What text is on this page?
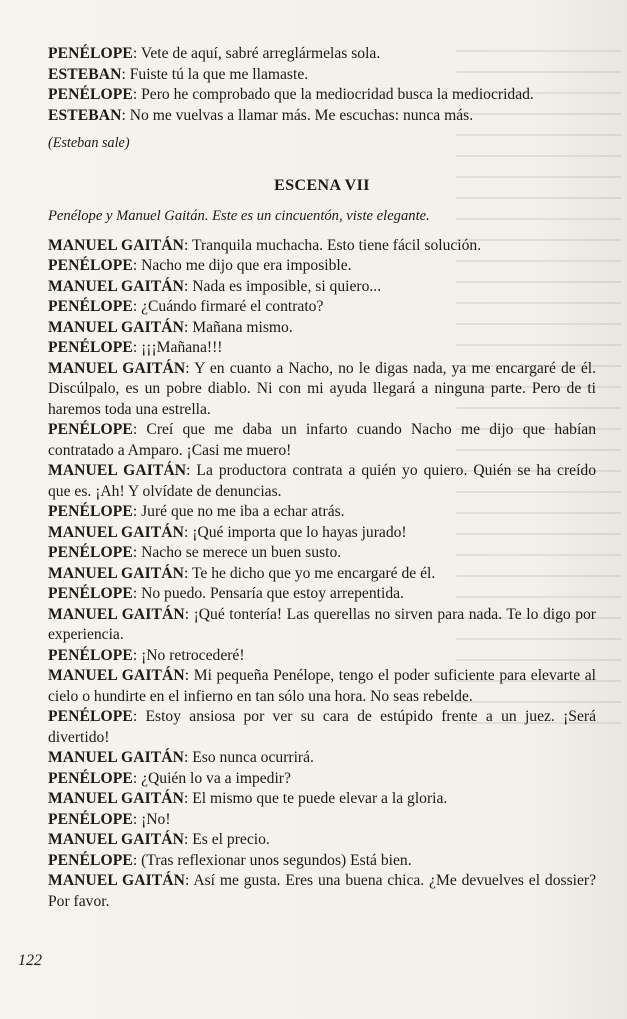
PENÉLOPE: Vete de aquí, sabré arreglármelas sola.

ESTEBAN: Fuiste tú la que me llamaste.

PENÉLOPE: Pero he comprobado que la mediocridad busca la mediocridad.

ESTEBAN: No me vuelvas a llamar más. Me escuchas: nunca más.

(Esteban sale)

ESCENA VII

Penélope y Manuel Gaitán. Este es un cincuentón, viste elegante.

MANUEL GAITÁN: Tranquila muchacha. Esto tiene fácil solución.

PENÉLOPE: Nacho me dijo que era imposible.

MANUEL GAITÁN: Nada es imposible, si quiero...

PENÉLOPE: ¿Cuándo firmaré el contrato?

MANUEL GAITÁN: Mañana mismo.

PENÉLOPE: ¡¡¡Mañana!!!

MANUEL GAITÁN: Y en cuanto a Nacho, no le digas nada, ya me encargaré de él. Discúlpalo, es un pobre diablo. Ni con mi ayuda llegará a ninguna parte. Pero de ti haremos toda una estrella.

PENÉLOPE: Creí que me daba un infarto cuando Nacho me dijo que habían contratado a Amparo. ¡Casi me muero!

MANUEL GAITÁN: La productora contrata a quién yo quiero. Quién se ha creído que es. ¡Ah! Y olvídate de denuncias.

PENÉLOPE: Juré que no me iba a echar atrás.

MANUEL GAITÁN: ¡Qué importa que lo hayas jurado!

PENÉLOPE: Nacho se merece un buen susto.

MANUEL GAITÁN: Te he dicho que yo me encargaré de él.

PENÉLOPE: No puedo. Pensaría que estoy arrepentida.

MANUEL GAITÁN: ¡Qué tontería! Las querellas no sirven para nada. Te lo digo por experiencia.

PENÉLOPE: ¡No retrocederé!

MANUEL GAITÁN: Mi pequeña Penélope, tengo el poder suficiente para elevarte al cielo o hundirte en el infierno en tan sólo una hora. No seas rebelde.

PENÉLOPE: Estoy ansiosa por ver su cara de estúpido frente a un juez. ¡Será divertido!

MANUEL GAITÁN: Eso nunca ocurrirá.

PENÉLOPE: ¿Quién lo va a impedir?

MANUEL GAITÁN: El mismo que te puede elevar a la gloria.

PENÉLOPE: ¡No!

MANUEL GAITÁN: Es el precio.

PENÉLOPE: (Tras reflexionar unos segundos) Está bien.

MANUEL GAITÁN: Así me gusta. Eres una buena chica. ¿Me devuelves el dossier? Por favor.

122
